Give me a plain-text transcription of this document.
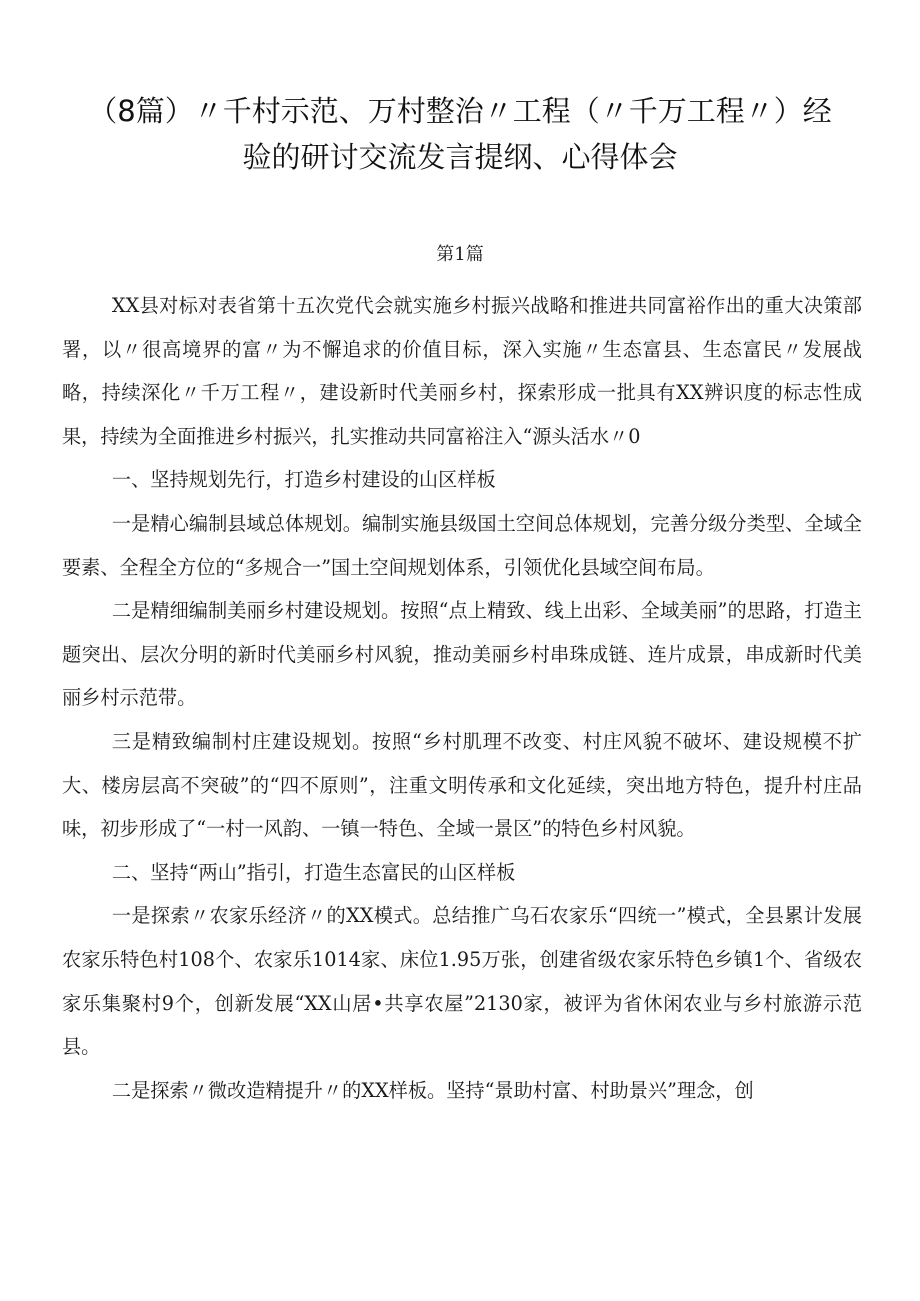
（8篇）〃千村示范、万村整治〃工程（〃千万工程〃）经
验的研讨交流发言提纲、心得体会
第1篇

XX县对标对表省第十五次党代会就实施乡村振兴战略和推进共同富裕作出的重大决策部署，以〃很高境界的富〃为不懈追求的价值目标，深入实施〃生态富县、生态富民〃发展战略，持续深化〃千万工程〃，建设新时代美丽乡村，探索形成一批具有XX辨识度的标志性成果，持续为全面推进乡村振兴，扎实推动共同富裕注入“源头活水〃0

一、坚持规划先行，打造乡村建设的山区样板

一是精心编制县域总体规划。编制实施县级国土空间总体规划，完善分级分类型、全域全要素、全程全方位的“多规合一”国土空间规划体系，引领优化县域空间布局。

二是精细编制美丽乡村建设规划。按照“点上精致、线上出彩、全域美丽”的思路，打造主题突出、层次分明的新时代美丽乡村风貌，推动美丽乡村串珠成链、连片成景，串成新时代美丽乡村示范带。

三是精致编制村庄建设规划。按照“乡村肌理不改变、村庄风貌不破坏、建设规模不扩大、楼房层高不突破”的“四不原则”，注重文明传承和文化延续，突出地方特色，提升村庄品味，初步形成了“一村一风韵、一镇一特色、全域一景区”的特色乡村风貌。

二、坚持“两山”指引，打造生态富民的山区样板

一是探索〃农家乐经济〃的XX模式。总结推广乌石农家乐“四统一”模式，全县累计发展农家乐特色村108个、农家乐1014家、床位1.95万张，创建省级农家乐特色乡镇1个、省级农家乐集聚村9个，创新发展“XX山居•共享农屋”2130家，被评为省休闲农业与乡村旅游示范县。

二是探索〃微改造精提升〃的XX样板。坚持“景助村富、村助景兴”理念，创
